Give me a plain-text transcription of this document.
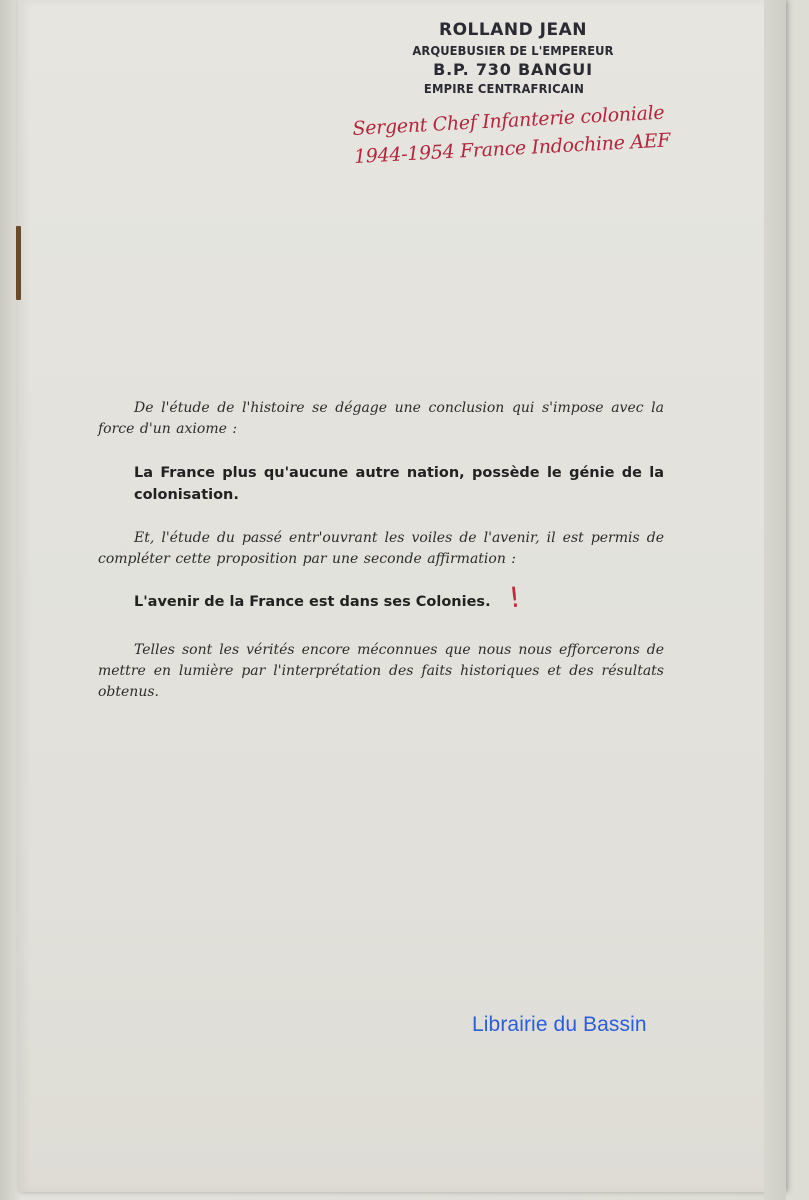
ROLLAND JEAN
ARQUEBUSIER DE L'EMPEREUR
B.P. 730 BANGUI
EMPIRE CENTRAFRICAIN
Sergent Chef Infanterie coloniale
1944-1954 France Indochine AEF

De l'étude de l'histoire se dégage une conclusion qui s'impose avec la force d'un axiome :

La France plus qu'aucune autre nation, possède le génie de la colonisation.

Et, l'étude du passé entr'ouvrant les voiles de l'avenir, il est permis de compléter cette proposition par une seconde affirmation :

L'avenir de la France est dans ses Colonies. !

Telles sont les vérités encore méconnues que nous nous efforcerons de mettre en lumière par l'interprétation des faits historiques et des résultats obtenus.

Librairie du Bassin
